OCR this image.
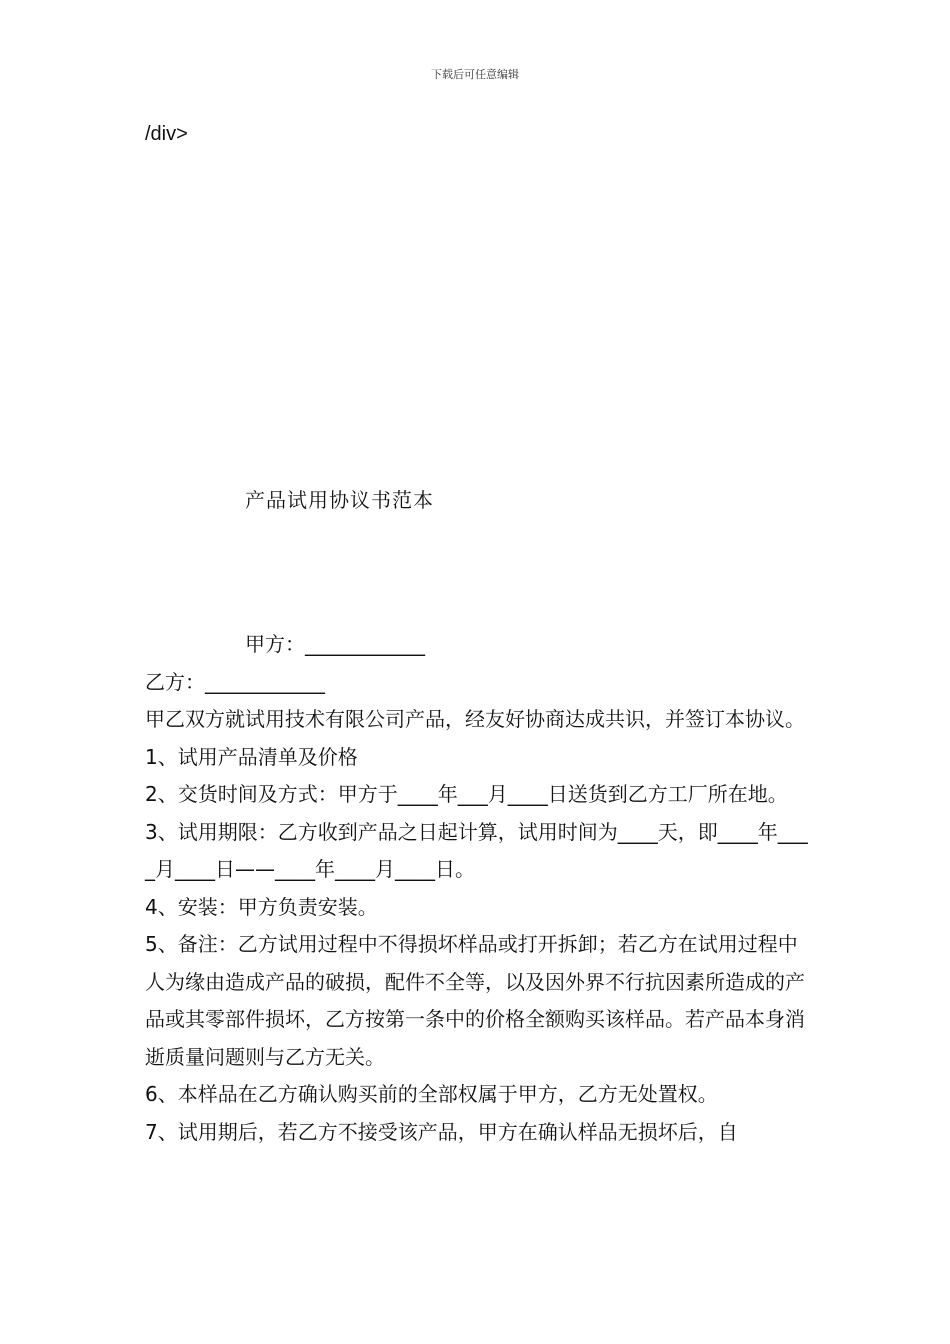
下载后可任意编辑
/div>
产品试用协议书范本

甲方：____________

乙方：____________

甲乙双方就试用技术有限公司产品，经友好协商达成共识，并签订本协议。

1、试用产品清单及价格

2、交货时间及方式：甲方于____年___月____日送货到乙方工厂所在地。

3、试用期限：乙方收到产品之日起计算，试用时间为____天，即____年____月____日——____年____月____日。

4、安装：甲方负责安装。

5、备注：乙方试用过程中不得损坏样品或打开拆卸；若乙方在试用过程中人为缘由造成产品的破损，配件不全等，以及因外界不行抗因素所造成的产品或其零部件损坏，乙方按第一条中的价格全额购买该样品。若产品本身消逝质量问题则与乙方无关。

6、本样品在乙方确认购买前的全部权属于甲方，乙方无处置权。

7、试用期后，若乙方不接受该产品，甲方在确认样品无损坏后，自
